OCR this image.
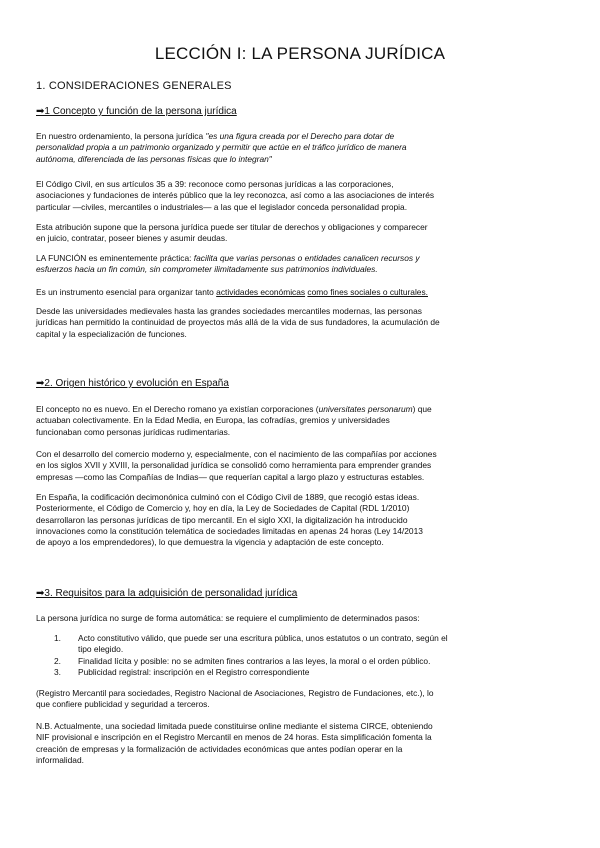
LECCIÓN I: LA PERSONA JURÍDICA
1. CONSIDERACIONES GENERALES
➡1 Concepto y función de la persona jurídica

En nuestro ordenamiento, la persona jurídica "es una figura creada por el Derecho para dotar de
personalidad propia a un patrimonio organizado y permitir que actúe en el tráfico jurídico de manera
autónoma, diferenciada de las personas físicas que lo integran"

El Código Civil, en sus artículos 35 a 39: reconoce como personas jurídicas a las corporaciones,
asociaciones y fundaciones de interés público que la ley reconozca, así como a las asociaciones de interés
particular —civiles, mercantiles o industriales— a las que el legislador conceda personalidad propia.

Esta atribución supone que la persona jurídica puede ser titular de derechos y obligaciones y comparecer
en juicio, contratar, poseer bienes y asumir deudas.

LA FUNCIÓN es eminentemente práctica: facilita que varias personas o entidades canalicen recursos y
esfuerzos hacia un fin común, sin comprometer ilimitadamente sus patrimonios individuales.

Es un instrumento esencial para organizar tanto actividades económicas como fines sociales o culturales.

Desde las universidades medievales hasta las grandes sociedades mercantiles modernas, las personas
jurídicas han permitido la continuidad de proyectos más allá de la vida de sus fundadores, la acumulación de
capital y la especialización de funciones.

➡2. Origen histórico y evolución en España

El concepto no es nuevo. En el Derecho romano ya existían corporaciones (universitates personarum) que
actuaban colectivamente. En la Edad Media, en Europa, las cofradías, gremios y universidades
funcionaban como personas jurídicas rudimentarias.

Con el desarrollo del comercio moderno y, especialmente, con el nacimiento de las compañías por acciones
en los siglos XVII y XVIII, la personalidad jurídica se consolidó como herramienta para emprender grandes
empresas —como las Compañías de Indias— que requerían capital a largo plazo y estructuras estables.

En España, la codificación decimonónica culminó con el Código Civil de 1889, que recogió estas ideas.
Posteriormente, el Código de Comercio y, hoy en día, la Ley de Sociedades de Capital (RDL 1/2010)
desarrollaron las personas jurídicas de tipo mercantil. En el siglo XXI, la digitalización ha introducido
innovaciones como la constitución telemática de sociedades limitadas en apenas 24 horas (Ley 14/2013
de apoyo a los emprendedores), lo que demuestra la vigencia y adaptación de este concepto.

➡3. Requisitos para la adquisición de personalidad jurídica

La persona jurídica no surge de forma automática: se requiere el cumplimiento de determinados pasos:

1. Acto constitutivo válido, que puede ser una escritura pública, unos estatutos o un contrato, según el
tipo elegido.
2. Finalidad lícita y posible: no se admiten fines contrarios a las leyes, la moral o el orden público.
3. Publicidad registral: inscripción en el Registro correspondiente

(Registro Mercantil para sociedades, Registro Nacional de Asociaciones, Registro de Fundaciones, etc.), lo
que confiere publicidad y seguridad a terceros.

N.B. Actualmente, una sociedad limitada puede constituirse online mediante el sistema CIRCE, obteniendo
NIF provisional e inscripción en el Registro Mercantil en menos de 24 horas. Esta simplificación fomenta la
creación de empresas y la formalización de actividades económicas que antes podían operar en la
informalidad.
